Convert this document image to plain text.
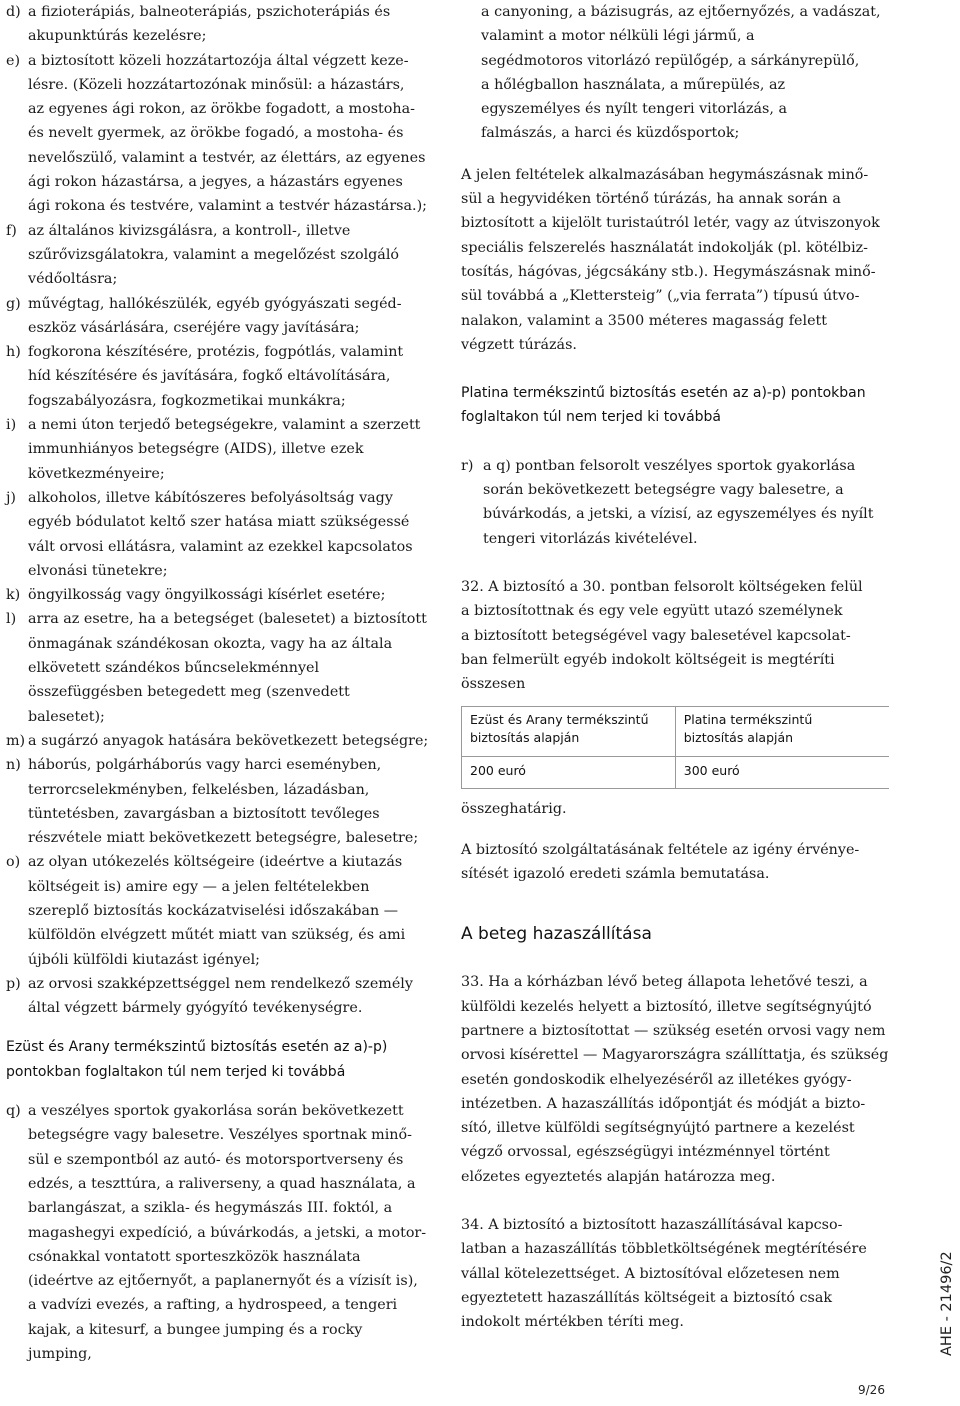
d) a fizioterápiás, balneoterápiás, pszichoterápiás és
akupunktúrás kezelésre;
e) a biztosított közeli hozzátartozója által végzett keze-
lésre. (Közeli hozzátartozónak minősül: a házastárs,
az egyenes ági rokon, az örökbe fogadott, a mostoha-
és nevelt gyermek, az örökbe fogadó, a mostoha- és
nevelőszülő, valamint a testvér, az élettárs, az egyenes
ági rokon házastársa, a jegyes, a házastárs egyenes
ági rokona és testvére, valamint a testvér házastársa.);
f) az általános kivizsgálásra, a kontroll-, illetve
szűrővizsgálatokra, valamint a megelőzést szolgáló
védőoltásra;
g) művégtag, hallókészülék, egyéb gyógyászati segéd-
eszköz vásárlására, cseréjére vagy javítására;
h) fogkorona készítésére, protézis, fogpótlás, valamint
híd készítésére és javítására, fogkő eltávolítására,
fogszabályozásra, fogkozmetikai munkákra;
i) a nemi úton terjedő betegségekre, valamint a szerzett
immunhiányos betegségre (AIDS), illetve ezek
következményeire;
j) alkoholos, illetve kábítószeres befolyásoltság vagy
egyéb bódulatot keltő szer hatása miatt szükségessé
vált orvosi ellátásra, valamint az ezekkel kapcsolatos
elvonási tünetekre;
k) öngyilkosság vagy öngyilkossági kísérlet esetére;
l) arra az esetre, ha a betegséget (balesetet) a biztosított
önmagának szándékosan okozta, vagy ha az általa
elkövetett szándékos bűncselekménnyel
összefüggésben betegedett meg (szenvedett
balesetet);
m) a sugárzó anyagok hatására bekövetkezett betegségre;
n) háborús, polgárháborús vagy harci eseményben,
terrorcselekményben, felkelésben, lázadásban,
tüntetésben, zavargásban a biztosított tevőleges
részvétele miatt bekövetkezett betegségre, balesetre;
o) az olyan utókezelés költségeire (ideértve a kiutazás
költségeit is) amire egy — a jelen feltételekben
szereplő biztosítás kockázatviselési időszakában —
külföldön elvégzett műtét miatt van szükség, és ami
újbóli külföldi kiutazást igényel;
p) az orvosi szakképzettséggel nem rendelkező személy
által végzett bármely gyógyító tevékenységre.
Ezüst és Arany termékszintű biztosítás esetén az a)-p)
pontokban foglaltakon túl nem terjed ki továbbá
q) a veszélyes sportok gyakorlása során bekövetkezett
betegségre vagy balesetre. Veszélyes sportnak minő-
sül e szempontból az autó- és motorsportverseny és
edzés, a teszttúra, a raliverseny, a quad használata, a
barlangászat, a szikla- és hegymászás III. foktól, a
magashegyi expedíció, a búvárkodás, a jetski, a motor-
csónakkal vontatott sporteszközök használata
(ideértve az ejtőernyőt, a paplanernyőt és a vízisít is),
a vadvízi evezés, a rafting, a hydrospeed, a tengeri
kajak, a kitesurf, a bungee jumping és a rocky jumping,
a canyoning, a bázisugrás, az ejtőernyőzés, a vadászat,
valamint a motor nélküli légi jármű, a
segédmotoros vitorlázó repülőgép, a sárkányrepülő,
a hőlégballon használata, a műrepülés, az
egyszemélyes és nyílt tengeri vitorlázás, a
falmászás, a harci és küzdősportok;
A jelen feltételek alkalmazásában hegymászásnak minő-
sül a hegyvidéken történő túrázás, ha annak során a
biztosított a kijelölt turistaútról letér, vagy az útviszonyok
speciális felszerelés használatát indokolják (pl. kötélbiz-
tosítás, hágóvas, jégcsákány stb.). Hegymászásnak minő-
sül továbbá a „Klettersteig” („via ferrata”) típusú útvo-
nalakon, valamint a 3500 méteres magasság felett
végzett túrázás.
Platina termékszintű biztosítás esetén az a)-p) pontokban
foglaltakon túl nem terjed ki továbbá
r) a q) pontban felsorolt veszélyes sportok gyakorlása
során bekövetkezett betegségre vagy balesetre, a
búvárkodás, a jetski, a vízisí, az egyszemélyes és nyílt
tengeri vitorlázás kivételével.
32. A biztosító a 30. pontban felsorolt költségeken felül
a biztosítottnak és egy vele együtt utazó személynek
a biztosított betegségével vagy balesetével kapcsolat-
ban felmerült egyéb indokolt költségeit is megtéríti
összesen
Ezüst és Arany termékszintű
biztosítás alapján	Platina termékszintű
biztosítás alapján
200 euró	300 euró
összeghatárig.
A biztosító szolgáltatásának feltétele az igény érvénye-
sítését igazoló eredeti számla bemutatása.
A beteg hazaszállítása
33. Ha a kórházban lévő beteg állapota lehetővé teszi, a
külföldi kezelés helyett a biztosító, illetve segítségnyújtó
partnere a biztosítottat — szükség esetén orvosi vagy nem
orvosi kísérettel — Magyarországra szállíttatja, és szükség
esetén gondoskodik elhelyezéséről az illetékes gyógy-
intézetben. A hazaszállítás időpontját és módját a bizto-
sító, illetve külföldi segítségnyújtó partnere a kezelést
végző orvossal, egészségügyi intézménnyel történt
előzetes egyeztetés alapján határozza meg.
34. A biztosító a biztosított hazaszállításával kapcso-
latban a hazaszállítás többletköltségének megtérítésére
vállal kötelezettséget. A biztosítóval előzetesen nem
egyeztetett hazaszállítás költségeit a biztosító csak
indokolt mértékben téríti meg.	AHE - 21496/2
9/26
